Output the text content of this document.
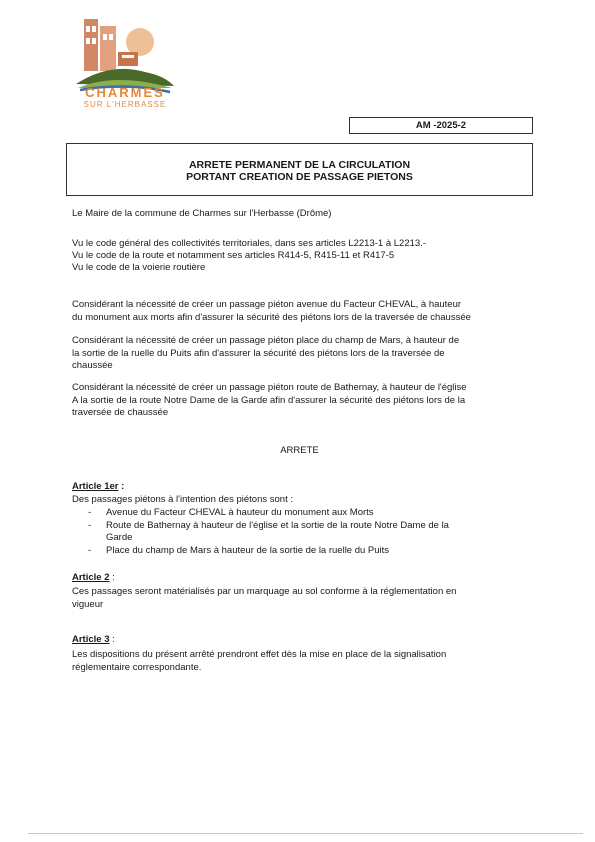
CHARMES
SUR L'HERBASSE
AM -2025-2
ARRETE PERMANENT DE LA CIRCULATION
PORTANT CREATION DE PASSAGE PIETONS
Le Maire de la commune de Charmes sur l'Herbasse (Drôme)
Vu le code général des collectivités territoriales, dans ses articles L2213-1 à L2213.-
Vu le code de la route et notamment ses articles R414-5, R415-11 et R417-5
Vu le code de la voierie routière
Considérant la nécessité de créer un passage piéton avenue du Facteur CHEVAL, à hauteur
du monument aux morts afin d'assurer la sécurité des piétons lors de la traversée de chaussée
Considérant la nécessité de créer un passage piéton place du champ de Mars, à hauteur de
la sortie de la ruelle du Puits afin d'assurer la sécurité des piétons lors de la traversée de
chaussée
Considérant la nécessité de créer un passage piéton route de Bathernay, à hauteur de l'église
A la sortie de la route Notre Dame de la Garde afin d'assurer la sécurité des piétons lors de la
traversée de chaussée
ARRETE
Article 1er :
Des passages piétons à l'intention des piétons sont :
- Avenue du Facteur CHEVAL à hauteur du monument aux Morts
- Route de Bathernay à hauteur de l'église et la sortie de la route Notre Dame de la
Garde
- Place du champ de Mars à hauteur de la sortie de la ruelle du Puits
Article 2 :
Ces passages seront matérialisés par un marquage au sol conforme à la réglementation en
vigueur
Article 3 :
Les dispositions du présent arrêté prendront effet dès la mise en place de la signalisation
réglementaire correspondante.
